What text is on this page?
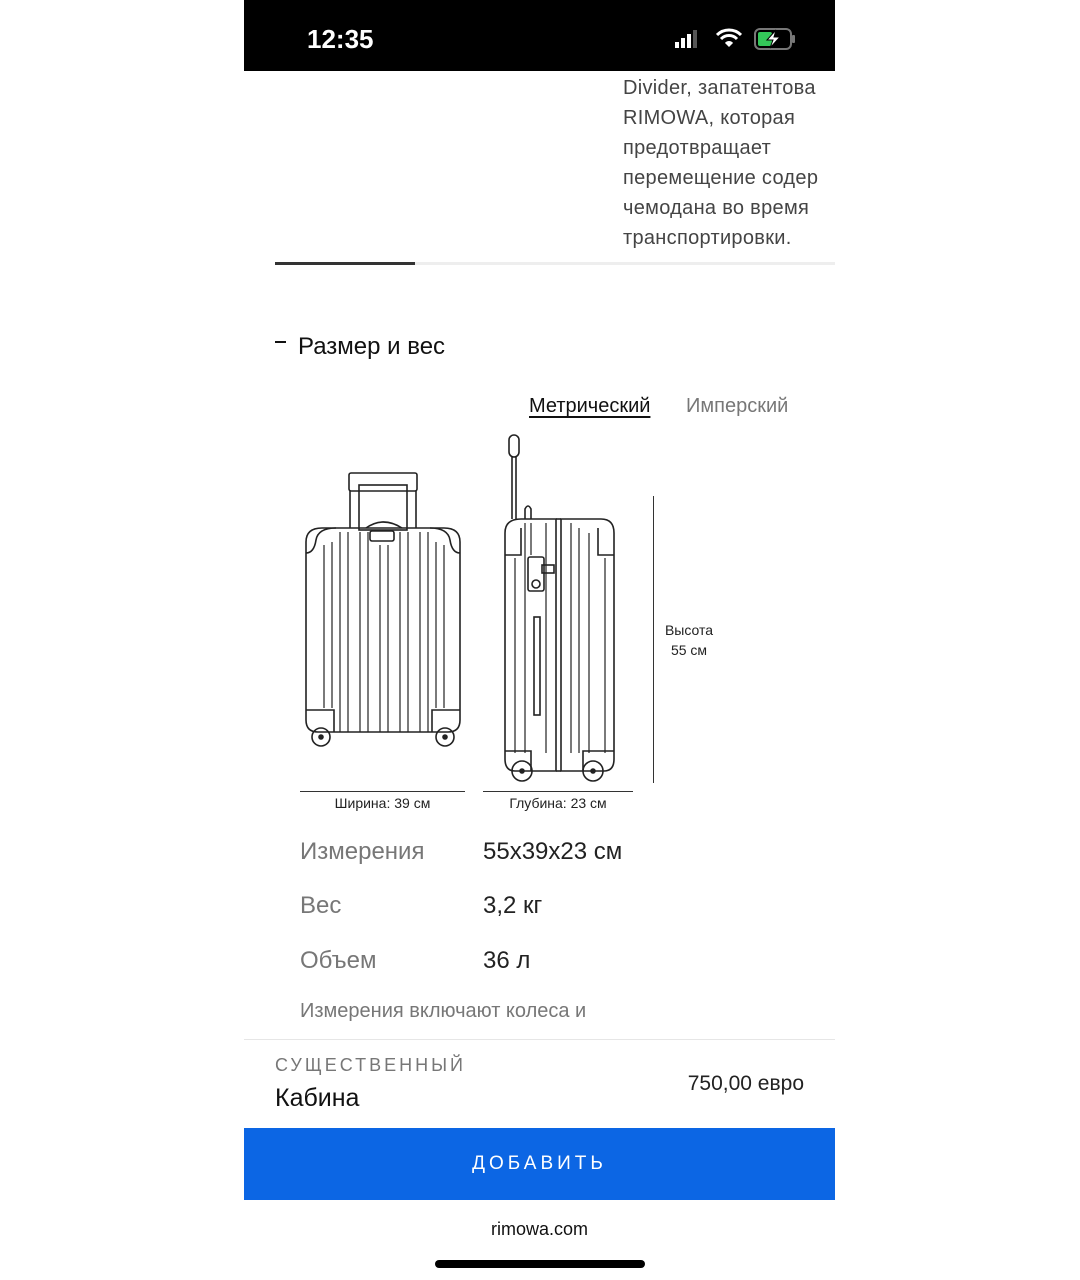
12:35
Divider, запатентова
RIMOWA, которая
предотвращает
перемещение содер
чемодана во время
транспортировки.
Размер и вес
Метрический Имперский
Высота
55 см
Ширина: 39 см	Глубина: 23 см
Измерения 55x39x23 см
Вес	3,2 кг
Объем	36 л
Измерения включают колеса и
СУЩЕСТВЕННЫЙ
Кабина
750,00 евро
ДОБАВИТЬ
rimowa.com
